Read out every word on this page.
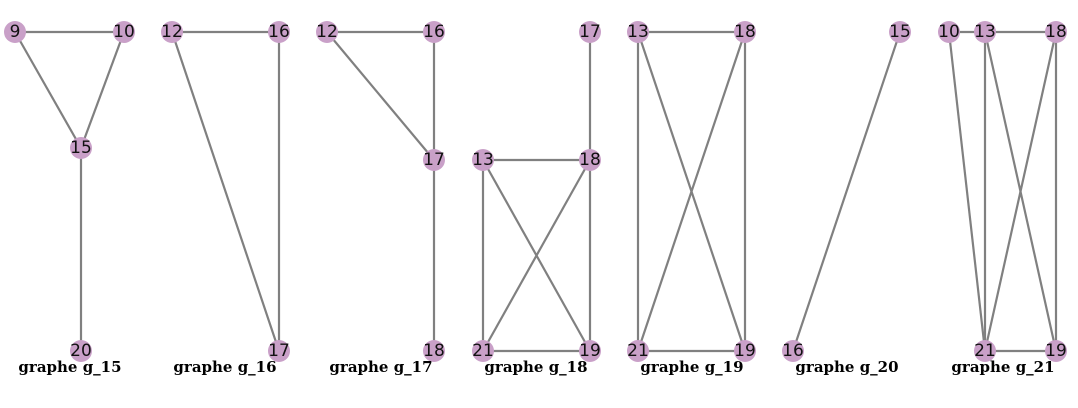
9	10
15
20
graphe g_15
12	16
17
graphe g_16
12	16
17
18
graphe g_17
17
13	18
21	19
graphe g_18
13	18
21	19
graphe g_19
15
16
graphe g_20
10 13	18
21	19
graphe g_21
